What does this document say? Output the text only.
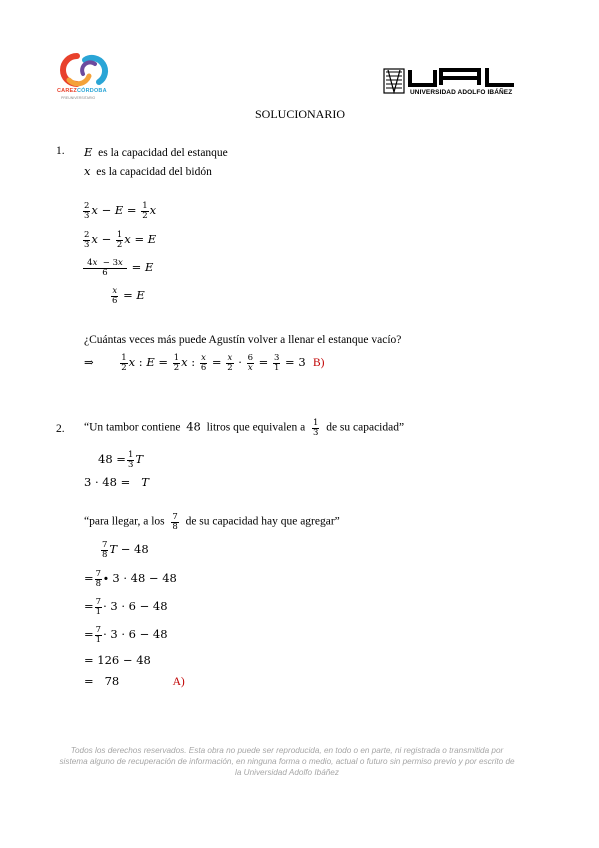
CAREZCÓRDOBA
PREUNIVERSITARIO
UNIVERSIDAD ADOLFO IBÁÑEZ
SOLUCIONARIO
1. E es la capacidad del estanque
x es la capacidad del bidón
$\frac{2}{3}$ $x - E = \frac{1}{2}$ x
$\frac{2}{3}$ $x - \frac{1}{2}$ x = E
$\frac{4x - 3x}{6} = E$
$\frac{x}{6} = E$
¿Cuántas veces más puede Agustín volver a llenar el estanque vacío?
⇒	$\frac{1}{2}$ x : $E = \frac{1}{2}$ x : $\frac{x}{6} = \frac{x}{2} \cdot \frac{6}{x} = \frac{3}{1} = 3$  B)
2. “Un tambor contiene 48 litros que equivalen a $\frac{1}{3}$ de su capacidad”
$48 = \frac{1}{3}$ T
3 · 48 = T
“para llegar, a los $\frac{7}{8}$ de su capacidad hay que agregar”
$\frac{7}{8}$ T − 48
= $\frac{7}{8} \cdot 3 \cdot 48 - 48$
= $\frac{7}{1} \cdot 3 \cdot 6 - 48$
= $\frac{7}{1} \cdot 3 \cdot 6 - 48$
= 126 − 48
= 78	A)
Todos los derechos reservados. Esta obra no puede ser reproducida, en todo o en parte, ni registrada o transmitida por sistema alguno de recuperación de información, en ninguna forma o medio, actual o futuro sin permiso previo y por escrito de la Universidad Adolfo Ibáñez
